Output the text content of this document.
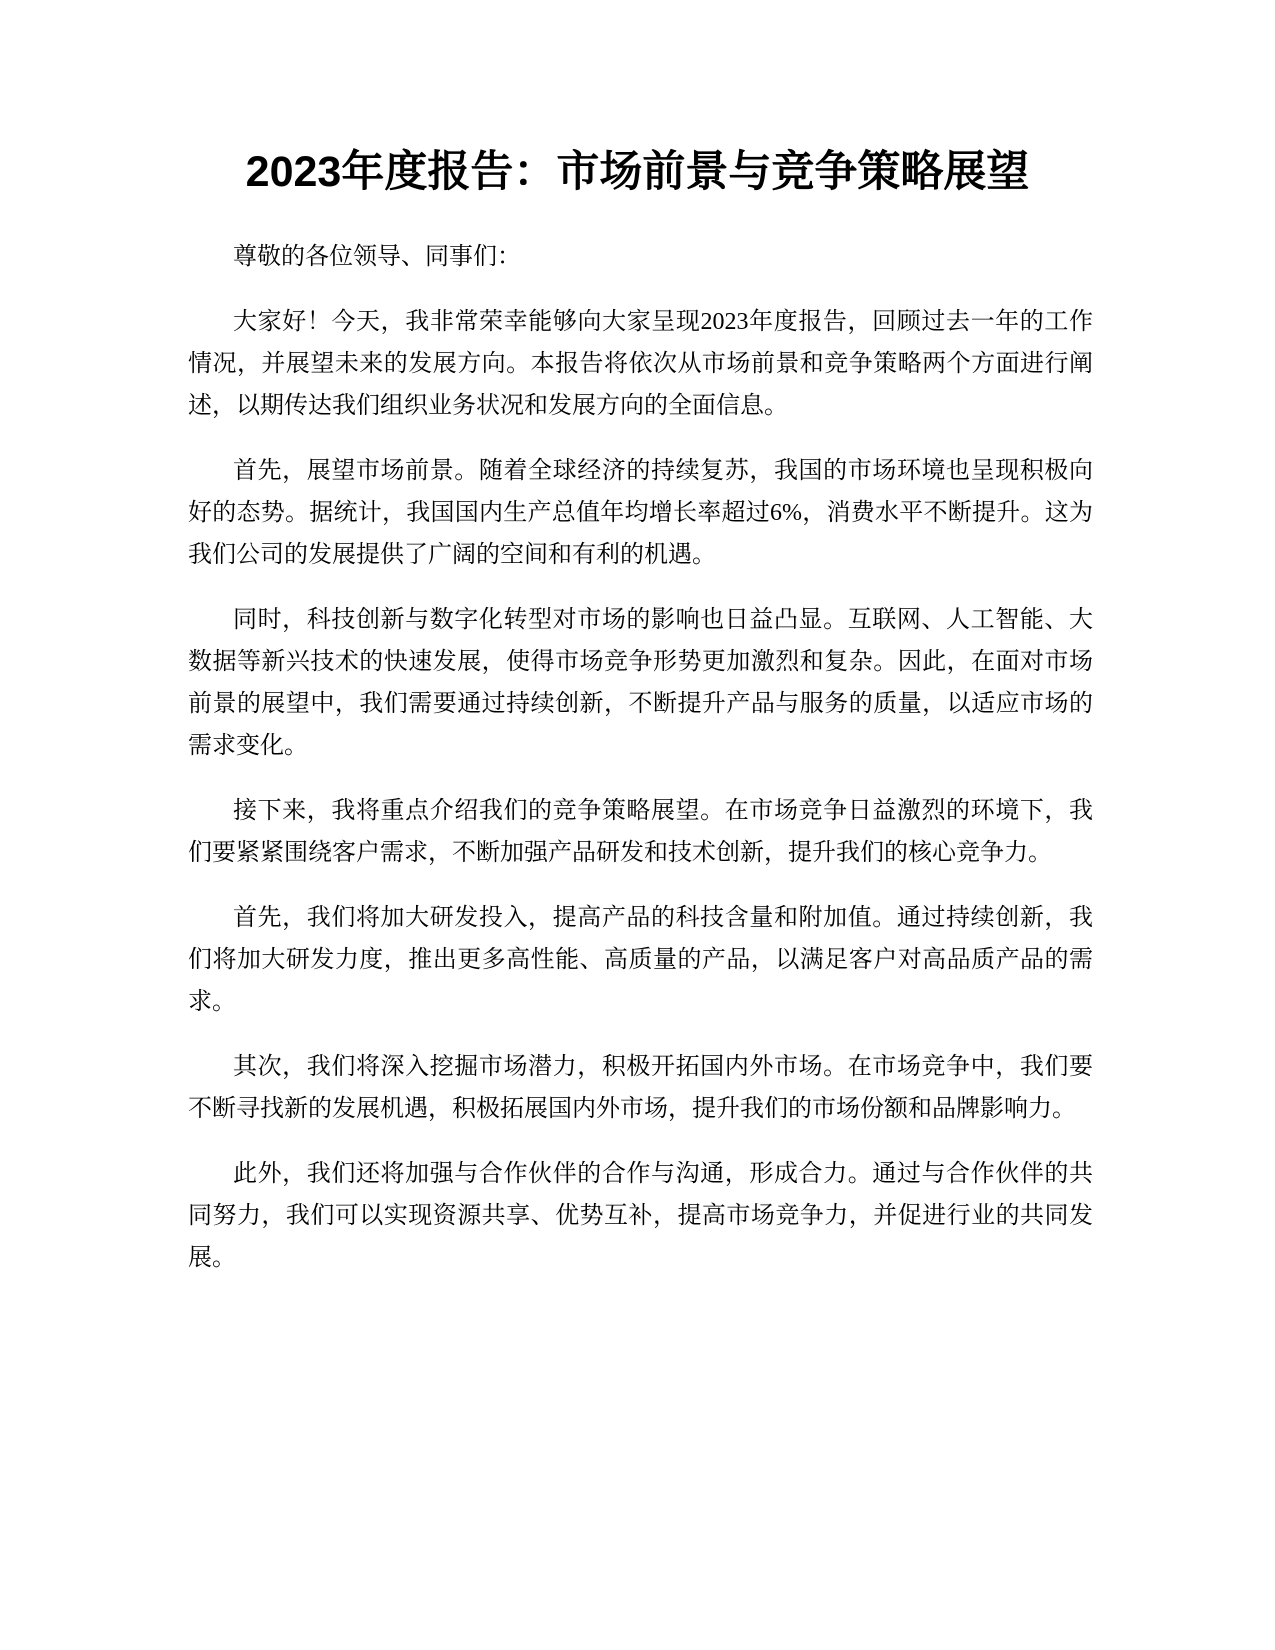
2023年度报告：市场前景与竞争策略展望

尊敬的各位领导、同事们：

大家好！今天，我非常荣幸能够向大家呈现2023年度报告，回顾过去一年的工作情况，并展望未来的发展方向。本报告将依次从市场前景和竞争策略两个方面进行阐述，以期传达我们组织业务状况和发展方向的全面信息。

首先，展望市场前景。随着全球经济的持续复苏，我国的市场环境也呈现积极向好的态势。据统计，我国国内生产总值年均增长率超过6%，消费水平不断提升。这为我们公司的发展提供了广阔的空间和有利的机遇。

同时，科技创新与数字化转型对市场的影响也日益凸显。互联网、人工智能、大数据等新兴技术的快速发展，使得市场竞争形势更加激烈和复杂。因此，在面对市场前景的展望中，我们需要通过持续创新，不断提升产品与服务的质量，以适应市场的需求变化。

接下来，我将重点介绍我们的竞争策略展望。在市场竞争日益激烈的环境下，我们要紧紧围绕客户需求，不断加强产品研发和技术创新，提升我们的核心竞争力。

首先，我们将加大研发投入，提高产品的科技含量和附加值。通过持续创新，我们将加大研发力度，推出更多高性能、高质量的产品，以满足客户对高品质产品的需求。

其次，我们将深入挖掘市场潜力，积极开拓国内外市场。在市场竞争中，我们要不断寻找新的发展机遇，积极拓展国内外市场，提升我们的市场份额和品牌影响力。

此外，我们还将加强与合作伙伴的合作与沟通，形成合力。通过与合作伙伴的共同努力，我们可以实现资源共享、优势互补，提高市场竞争力，并促进行业的共同发展。
